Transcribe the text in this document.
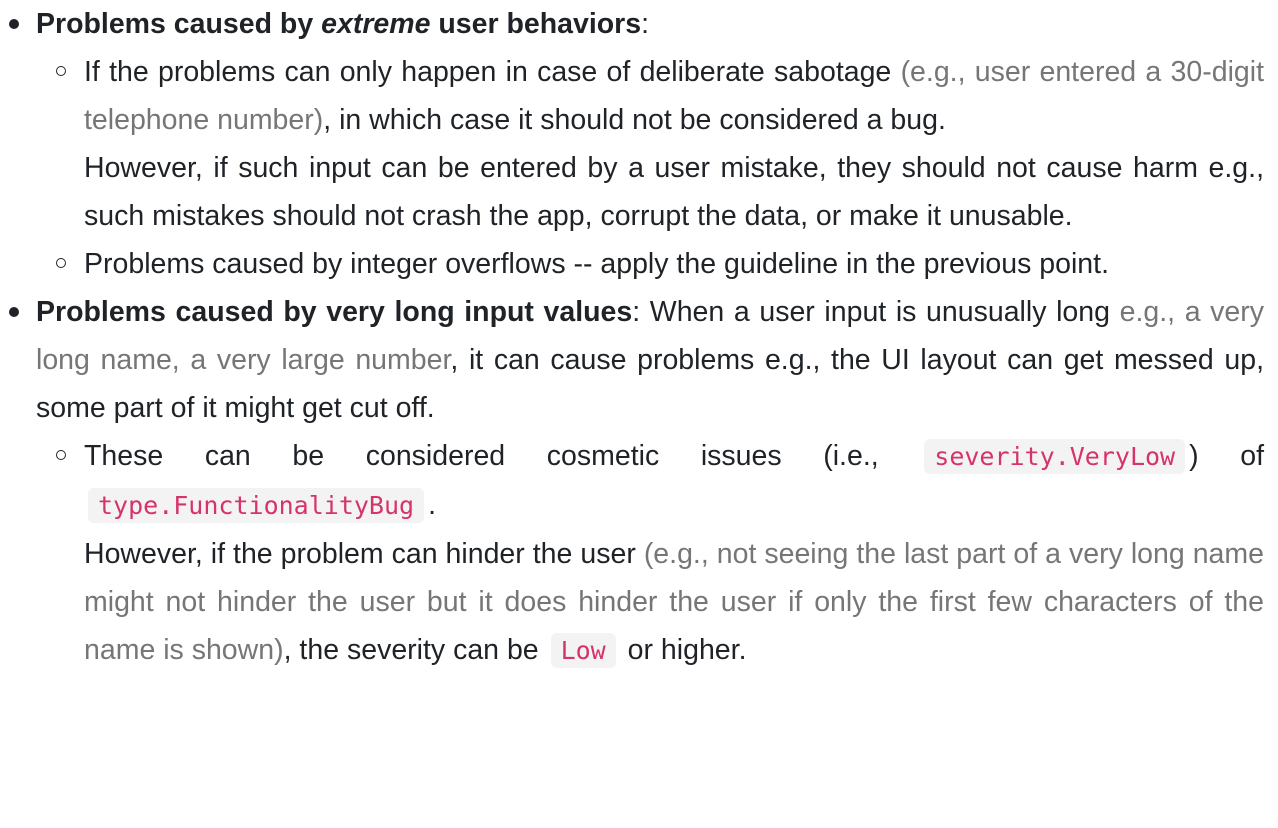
Problems caused by extreme user behaviors:
If the problems can only happen in case of deliberate sabotage (e.g., user entered a 30-digit telephone number), in which case it should not be considered a bug.
However, if such input can be entered by a user mistake, they should not cause harm e.g., such mistakes should not crash the app, corrupt the data, or make it unusable.
Problems caused by integer overflows -- apply the guideline in the previous point.
Problems caused by very long input values: When a user input is unusually long e.g., a very long name, a very large number, it can cause problems e.g., the UI layout can get messed up, some part of it might get cut off.
These can be considered cosmetic issues (i.e., severity.VeryLow ) of type.FunctionalityBug .
However, if the problem can hinder the user (e.g., not seeing the last part of a very long name might not hinder the user but it does hinder the user if only the first few characters of the name is shown), the severity can be Low or higher.
